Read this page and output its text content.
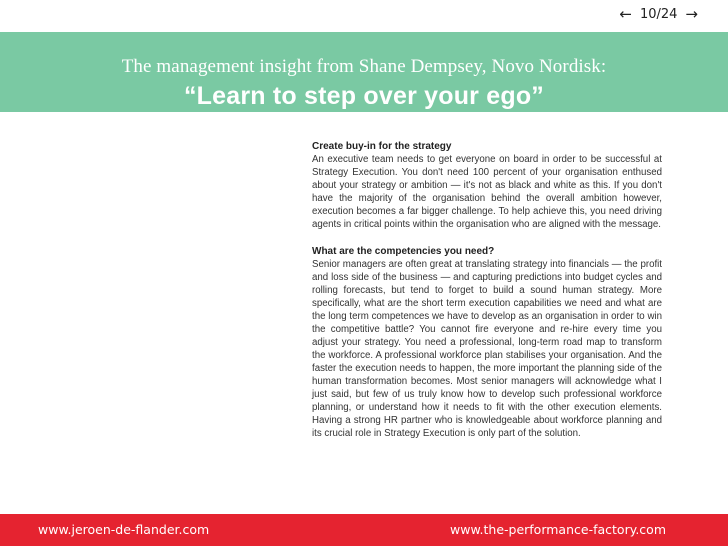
← 10/24 →
The management insight from Shane Dempsey, Novo Nordisk:
“Learn to step over your ego”
Create buy-in for the strategy

An executive team needs to get everyone on board in order to be successful at Strategy Execution. You don't need 100 percent of your organisation enthused about your strategy or ambition — it's not as black and white as this. If you don't have the majority of the organisation behind the overall ambition however, execution becomes a far bigger challenge. To help achieve this, you need driving agents in critical points within the organisation who are aligned with the message.

What are the competencies you need?

Senior managers are often great at translating strategy into financials — the profit and loss side of the business — and capturing predictions into budget cycles and rolling forecasts, but tend to forget to build a sound human strategy. More specifically, what are the short term execution capabilities we need and what are the long term competences we have to develop as an organisation in order to win the competitive battle? You cannot fire everyone and re-hire every time you adjust your strategy. You need a professional, long-term road map to transform the workforce. A professional workforce plan stabilises your organisation. And the faster the execution needs to happen, the more important the planning side of the human transformation becomes. Most senior managers will acknowledge what I just said, but few of us truly know how to develop such professional workforce planning, or understand how it needs to fit with the other execution elements. Having a strong HR partner who is knowledgeable about workforce planning and its crucial role in Strategy Execution is only part of the solution.

www.jeroen-de-flander.com	www.the-performance-factory.com
